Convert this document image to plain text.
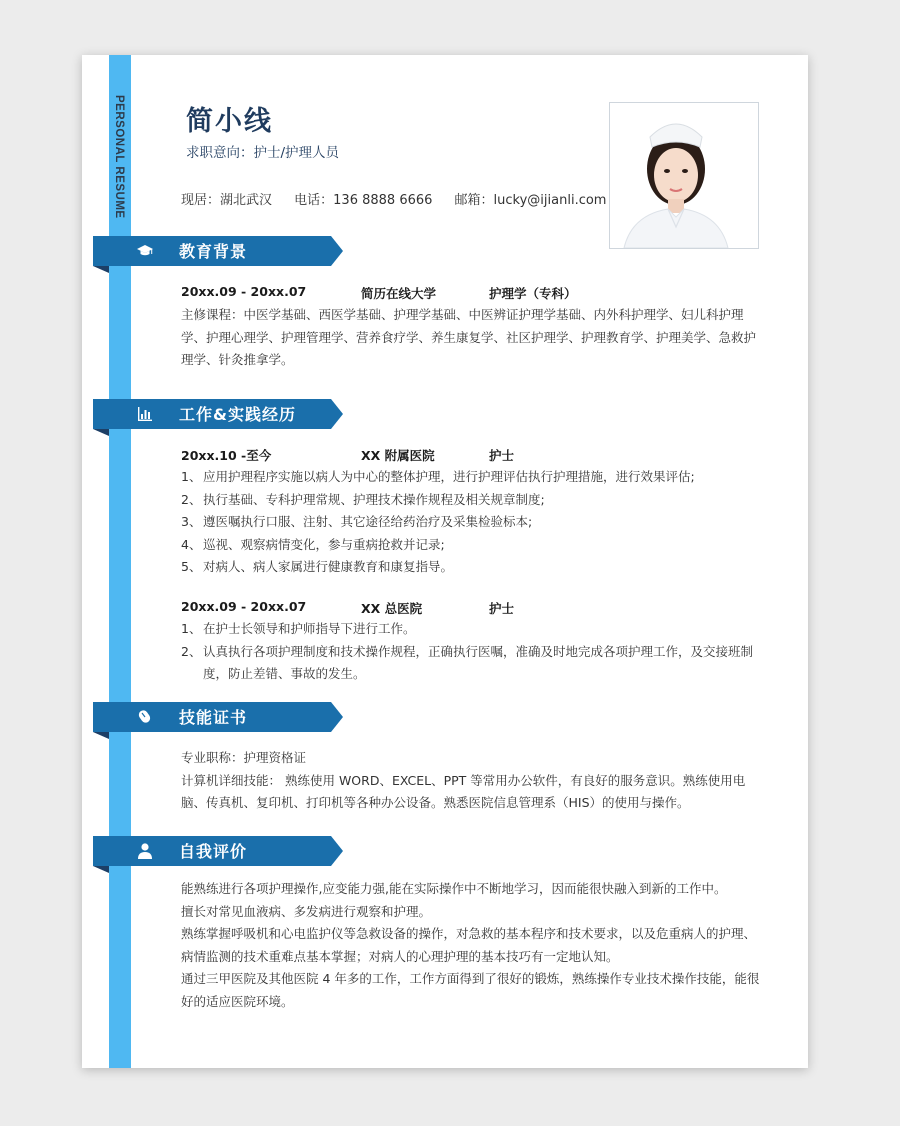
PERSONAL RESUME 简小线
求职意向：护士/护理人员
现居：湖北武汉 电话：136 8888 6666 邮箱：lucky@ijianli.com
教育背景
20xx.09 - 20xx.07	简历在线大学	护理学（专科）

主修课程：中医学基础、西医学基础、护理学基础、中医辨证护理学基础、内外科护理学、妇儿科护理学、护理心理学、护理管理学、营养食疗学、养生康复学、社区护理学、护理教育学、护理美学、急救护理学、针灸推拿学。

工作&实践经历
20xx.10 -至今	XX 附属医院	护士
1、 应用护理程序实施以病人为中心的整体护理，进行护理评估执行护理措施，进行效果评估;
2、 执行基础、专科护理常规、护理技术操作规程及相关规章制度;
3、 遵医嘱执行口服、注射、其它途径给药治疗及采集检验标本;
4、 巡视、观察病情变化，参与重病抢救并记录;
5、 对病人、病人家属进行健康教育和康复指导。
20xx.09 - 20xx.07	XX 总医院	护士
1、 在护士长领导和护师指导下进行工作。
2、 认真执行各项护理制度和技术操作规程，正确执行医嘱，准确及时地完成各项护理工作，及交接班制度，防止差错、事故的发生。
技能证书

专业职称：护理资格证

计算机详细技能： 熟练使用 WORD、EXCEL、PPT 等常用办公软件，有良好的服务意识。熟练使用电脑、传真机、复印机、打印机等各种办公设备。熟悉医院信息管理系（HIS）的使用与操作。

自我评价

能熟练进行各项护理操作,应变能力强,能在实际操作中不断地学习，因而能很快融入到新的工作中。

擅长对常见血液病、多发病进行观察和护理。

熟练掌握呼吸机和心电监护仪等急救设备的操作，对急救的基本程序和技术要求，以及危重病人的护理、病情监测的技术重难点基本掌握；对病人的心理护理的基本技巧有一定地认知。

通过三甲医院及其他医院 4 年多的工作，工作方面得到了很好的锻炼，熟练操作专业技术操作技能，能很好的适应医院环境。
